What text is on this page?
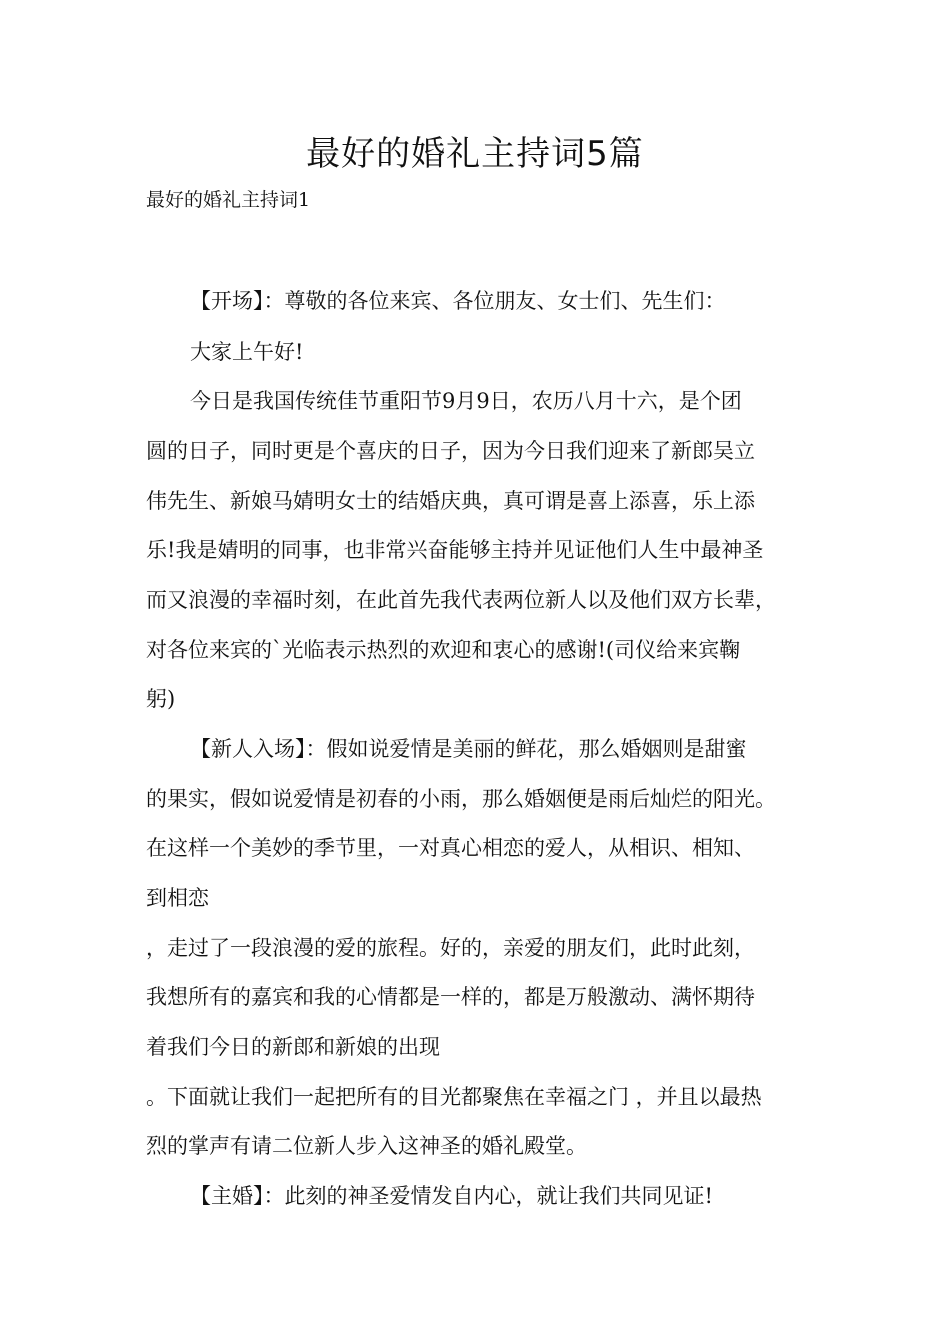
最好的婚礼主持词5篇

最好的婚礼主持词1

【开场】：尊敬的各位来宾、各位朋友、女士们、先生们：

大家上午好!

今日是我国传统佳节重阳节9月9日，农历八月十六，是个团

圆的日子，同时更是个喜庆的日子，因为今日我们迎来了新郎吴立

伟先生、新娘马婧明女士的结婚庆典，真可谓是喜上添喜，乐上添

乐!我是婧明的同事，也非常兴奋能够主持并见证他们人生中最神圣

而又浪漫的幸福时刻，在此首先我代表两位新人以及他们双方长辈，

对各位来宾的`光临表示热烈的欢迎和衷心的感谢!(司仪给来宾鞠

躬)

【新人入场】：假如说爱情是美丽的鲜花，那么婚姻则是甜蜜

的果实，假如说爱情是初春的小雨，那么婚姻便是雨后灿烂的阳光。

在这样一个美妙的季节里，一对真心相恋的爱人，从相识、相知、

到相恋

，走过了一段浪漫的爱的旅程。好的，亲爱的朋友们，此时此刻，

我想所有的嘉宾和我的心情都是一样的，都是万般激动、满怀期待

着我们今日的新郎和新娘的出现

。下面就让我们一起把所有的目光都聚焦在幸福之门 ，并且以最热

烈的掌声有请二位新人步入这神圣的婚礼殿堂。

【主婚】：此刻的神圣爱情发自内心，就让我们共同见证!
